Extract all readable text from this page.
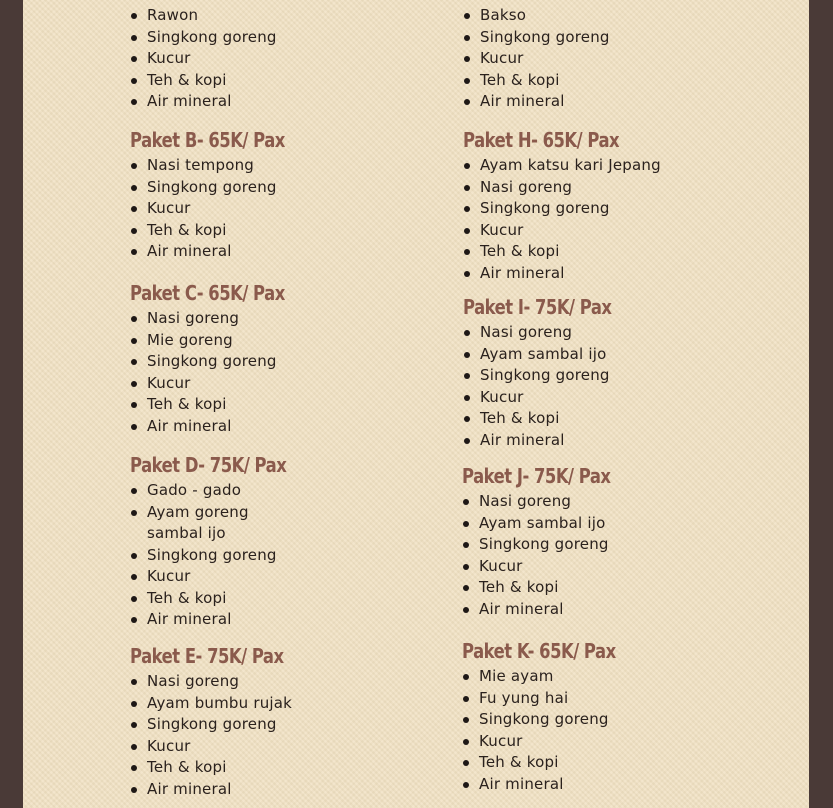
Rawon
Singkong goreng
Kucur
Teh & kopi
Air mineral
Paket B- 65K/ Pax
Nasi tempong
Singkong goreng
Kucur
Teh & kopi
Air mineral
Paket C- 65K/ Pax
Nasi goreng
Mie goreng
Singkong goreng
Kucur
Teh & kopi
Air mineral
Paket D- 75K/ Pax
Gado - gado
Ayam goreng sambal ijo
Singkong goreng
Kucur
Teh & kopi
Air mineral
Paket E- 75K/ Pax
Nasi goreng
Ayam bumbu rujak
Singkong goreng
Kucur
Teh & kopi
Air mineral
Bakso
Singkong goreng
Kucur
Teh & kopi
Air mineral
Paket H- 65K/ Pax
Ayam katsu kari Jepang
Nasi goreng
Singkong goreng
Kucur
Teh & kopi
Air mineral
Paket I- 75K/ Pax
Nasi goreng
Ayam sambal ijo
Singkong goreng
Kucur
Teh & kopi
Air mineral
Paket J- 75K/ Pax
Nasi goreng
Ayam sambal ijo
Singkong goreng
Kucur
Teh & kopi
Air mineral
Paket K- 65K/ Pax
Mie ayam
Fu yung hai
Singkong goreng
Kucur
Teh & kopi
Air mineral
